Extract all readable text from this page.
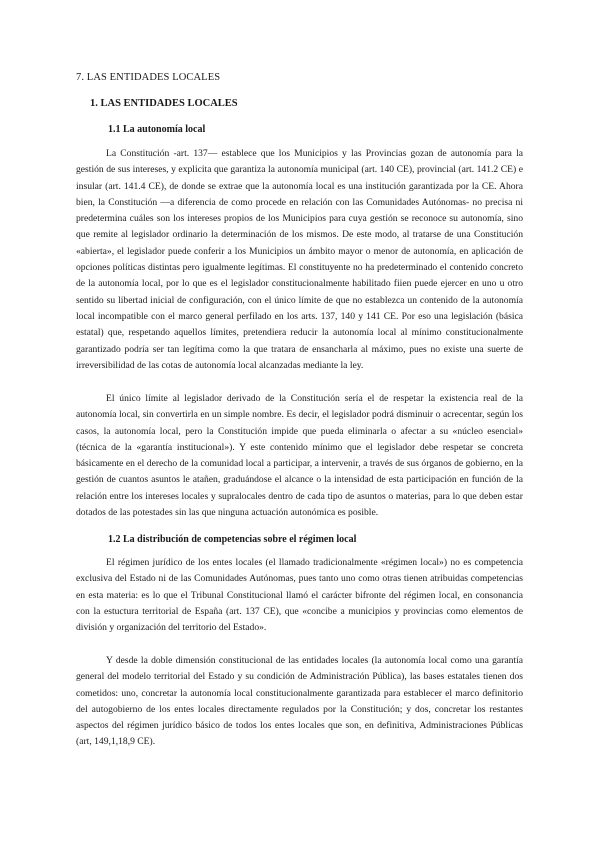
7. LAS ENTIDADES LOCALES
1. LAS ENTIDADES LOCALES
1.1 La autonomía local

La Constitución -art. 137— establece que los Municipios y las Provincias gozan de autonomía para la gestión de sus intereses, y explicita que garantiza la autonomía municipal (art. 140 CE), provincial (art. 141.2 CE) e insular (art. 141.4 CE), de donde se extrae que la autonomía local es una institución garantizada por la CE. Ahora bien, la Constitución —a diferencia de como procede en relación con las Comunidades Autónomas- no precisa ni predetermina cuáles son los intereses propios de los Municipios para cuya gestión se reconoce su autonomía, sino que remite al legislador ordinario la determinación de los mismos. De este modo, al tratarse de una Constitución «abierta», el legislador puede conferir a los Municipios un ámbito mayor o menor de autonomía, en aplicación de opciones políticas distintas pero igualmente legítimas. El constituyente no ha predeterminado el contenido concreto de la autonomía local, por lo que es el legislador constitucionalmente habilitado fiien puede ejercer en uno u otro sentido su libertad inicial de configuración, con el único límite de que no establezca un contenido de la autonomía local incompatible con el marco general perfilado en los arts. 137, 140 y 141 CE. Por eso una legislación (básica estatal) que, respetando aquellos límites, pretendiera reducir la autonomía local al mínimo constitucionalmente garantizado podría ser tan legítima como la que tratara de ensancharla al máximo, pues no existe una suerte de irreversibilidad de las cotas de autonomía local alcanzadas mediante la ley.

El único límite al legislador derivado de la Constitución sería el de respetar la existencia real de la autonomía local, sin convertirla en un simple nombre. Es decir, el legislador podrá disminuir o acrecentar, según los casos, la autonomía local, pero la Constitución impide que pueda eliminarla o afectar a su «núcleo esencial» (técnica de la «garantía institucional»). Y este contenido mínimo que el legislador debe respetar se concreta básicamente en el derecho de la comunidad local a participar, a intervenir, a través de sus órganos de gobierno, en la gestión de cuantos asuntos le atañen, graduándose el alcance o la intensidad de esta participación en función de la relación entre los intereses locales y supralocales dentro de cada tipo de asuntos o materias, para lo que deben estar dotados de las potestades sin las que ninguna actuación autonómica es posible.

1.2 La distribución de competencias sobre el régimen local

El régimen jurídico de los entes locales (el llamado tradicionalmente «régimen local») no es competencia exclusiva del Estado ni de las Comunidades Autónomas, pues tanto uno como otras tienen atribuidas competencias en esta materia: es lo que el Tribunal Constitucional llamó el carácter bifronte del régimen local, en consonancia con la estuctura territorial de España (art. 137 CE), que «concibe a municipios y provincias como elementos de división y organización del territorio del Estado».

Y desde la doble dimensión constitucional de las entidades locales (la autonomía local como una garantía general del modelo territorial del Estado y su condición de Administración Pública), las bases estatales tienen dos cometidos: uno, concretar la autonomía local constitucionalmente garantizada para establecer el marco definitorio del autogobierno de los entes locales directamente regulados por la Constitución; y dos, concretar los restantes aspectos del régimen jurídico básico de todos los entes locales que son, en definitiva, Administraciones Públicas (art, 149,1,18,9 CE).
